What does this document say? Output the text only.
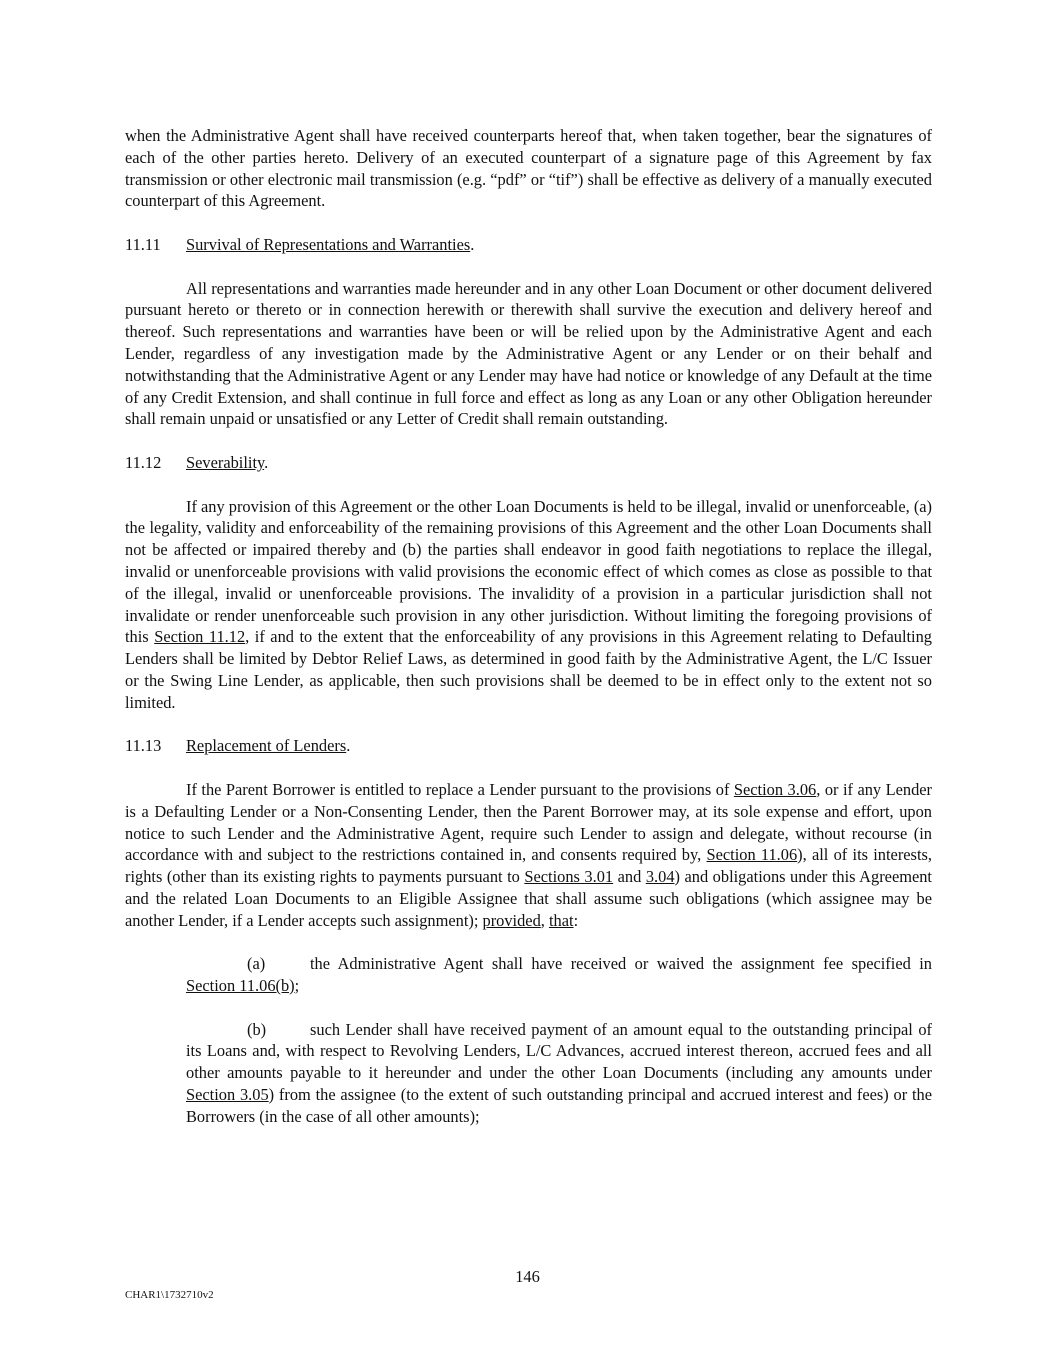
when the Administrative Agent shall have received counterparts hereof that, when taken together, bear the signatures of each of the other parties hereto. Delivery of an executed counterpart of a signature page of this Agreement by fax transmission or other electronic mail transmission (e.g. “pdf” or “tif”) shall be effective as delivery of a manually executed counterpart of this Agreement.

11.11 Survival of Representations and Warranties.

All representations and warranties made hereunder and in any other Loan Document or other document delivered pursuant hereto or thereto or in connection herewith or therewith shall survive the execution and delivery hereof and thereof. Such representations and warranties have been or will be relied upon by the Administrative Agent and each Lender, regardless of any investigation made by the Administrative Agent or any Lender or on their behalf and notwithstanding that the Administrative Agent or any Lender may have had notice or knowledge of any Default at the time of any Credit Extension, and shall continue in full force and effect as long as any Loan or any other Obligation hereunder shall remain unpaid or unsatisfied or any Letter of Credit shall remain outstanding.

11.12 Severability.

If any provision of this Agreement or the other Loan Documents is held to be illegal, invalid or unenforceable, (a) the legality, validity and enforceability of the remaining provisions of this Agreement and the other Loan Documents shall not be affected or impaired thereby and (b) the parties shall endeavor in good faith negotiations to replace the illegal, invalid or unenforceable provisions with valid provisions the economic effect of which comes as close as possible to that of the illegal, invalid or unenforceable provisions. The invalidity of a provision in a particular jurisdiction shall not invalidate or render unenforceable such provision in any other jurisdiction. Without limiting the foregoing provisions of this Section 11.12, if and to the extent that the enforceability of any provisions in this Agreement relating to Defaulting Lenders shall be limited by Debtor Relief Laws, as determined in good faith by the Administrative Agent, the L/C Issuer or the Swing Line Lender, as applicable, then such provisions shall be deemed to be in effect only to the extent not so limited.

11.13 Replacement of Lenders.

If the Parent Borrower is entitled to replace a Lender pursuant to the provisions of Section 3.06, or if any Lender is a Defaulting Lender or a Non-Consenting Lender, then the Parent Borrower may, at its sole expense and effort, upon notice to such Lender and the Administrative Agent, require such Lender to assign and delegate, without recourse (in accordance with and subject to the restrictions contained in, and consents required by, Section 11.06), all of its interests, rights (other than its existing rights to payments pursuant to Sections 3.01 and 3.04) and obligations under this Agreement and the related Loan Documents to an Eligible Assignee that shall assume such obligations (which assignee may be another Lender, if a Lender accepts such assignment); provided, that:

(a)	the Administrative Agent shall have received or waived the assignment fee specified in Section 11.06(b);

(b)	such Lender shall have received payment of an amount equal to the outstanding principal of its Loans and, with respect to Revolving Lenders, L/C Advances, accrued interest thereon, accrued fees and all other amounts payable to it hereunder and under the other Loan Documents (including any amounts under Section 3.05) from the assignee (to the extent of such outstanding principal and accrued interest and fees) or the Borrowers (in the case of all other amounts);

146
CHAR1\1732710v2
